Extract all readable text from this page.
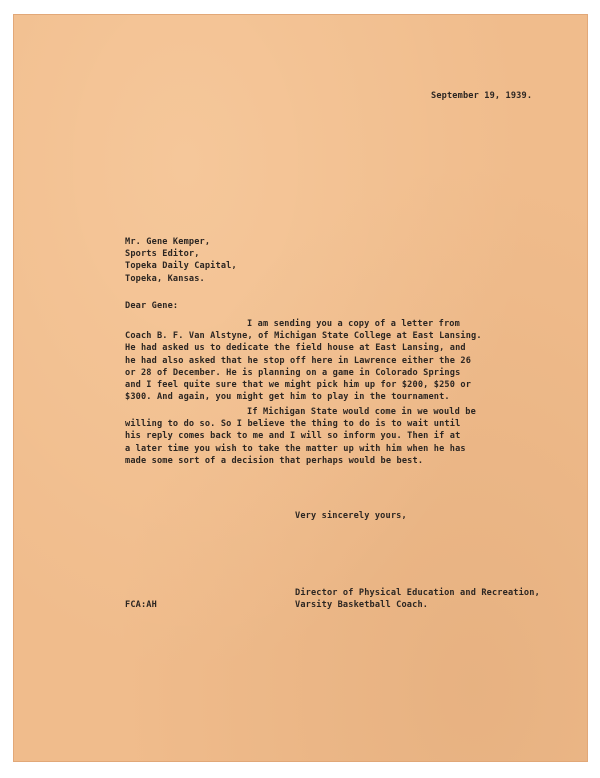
September 19, 1939.
Mr. Gene Kemper,
Sports Editor,
Topeka Daily Capital,
Topeka, Kansas.
Dear Gene:
I am sending you a copy of a letter from
Coach B. F. Van Alstyne, of Michigan State College at East Lansing.
He had asked us to dedicate the field house at East Lansing, and
he had also asked that he stop off here in Lawrence either the 26
or 28 of December. He is planning on a game in Colorado Springs
and I feel quite sure that we might pick him up for $200, $250 or
$300. And again, you might get him to play in the tournament.
If Michigan State would come in we would be
willing to do so. So I believe the thing to do is to wait until
his reply comes back to me and I will so inform you. Then if at
a later time you wish to take the matter up with him when he has
made some sort of a decision that perhaps would be best.
Very sincerely yours,
FCA:AH
Director of Physical Education and Recreation,
Varsity Basketball Coach.
